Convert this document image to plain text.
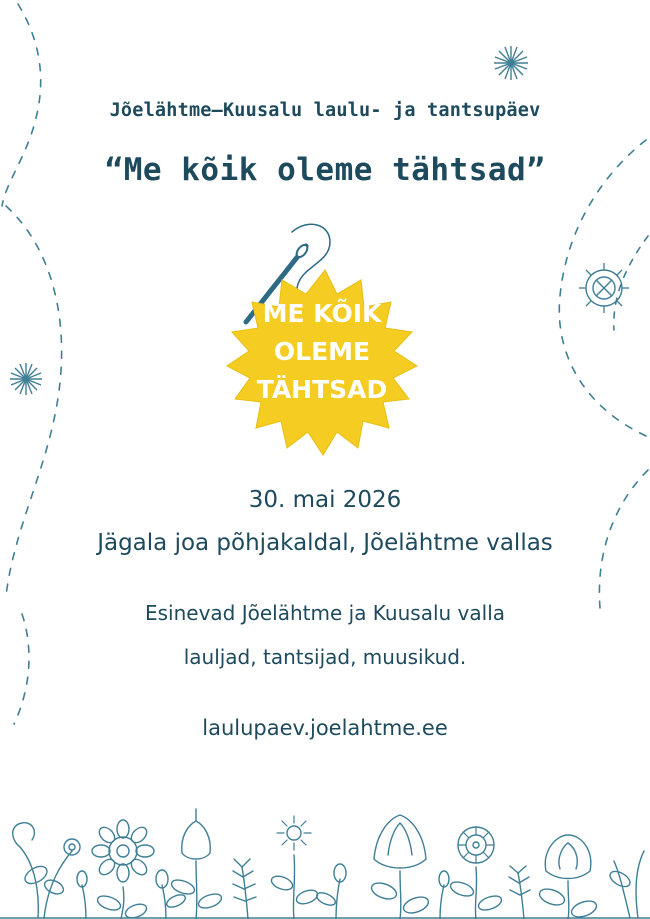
Jõelähtme–Kuusalu laulu- ja tantsupäev
“Me kõik oleme tähtsad”
ME KÕIK
OLEME
TÄHTSAD
30. mai 2026
Jägala joa põhjakaldal, Jõelähtme vallas
Esinevad Jõelähtme ja Kuusalu valla
lauljad, tantsijad, muusikud.
laulupaev.joelahtme.ee
